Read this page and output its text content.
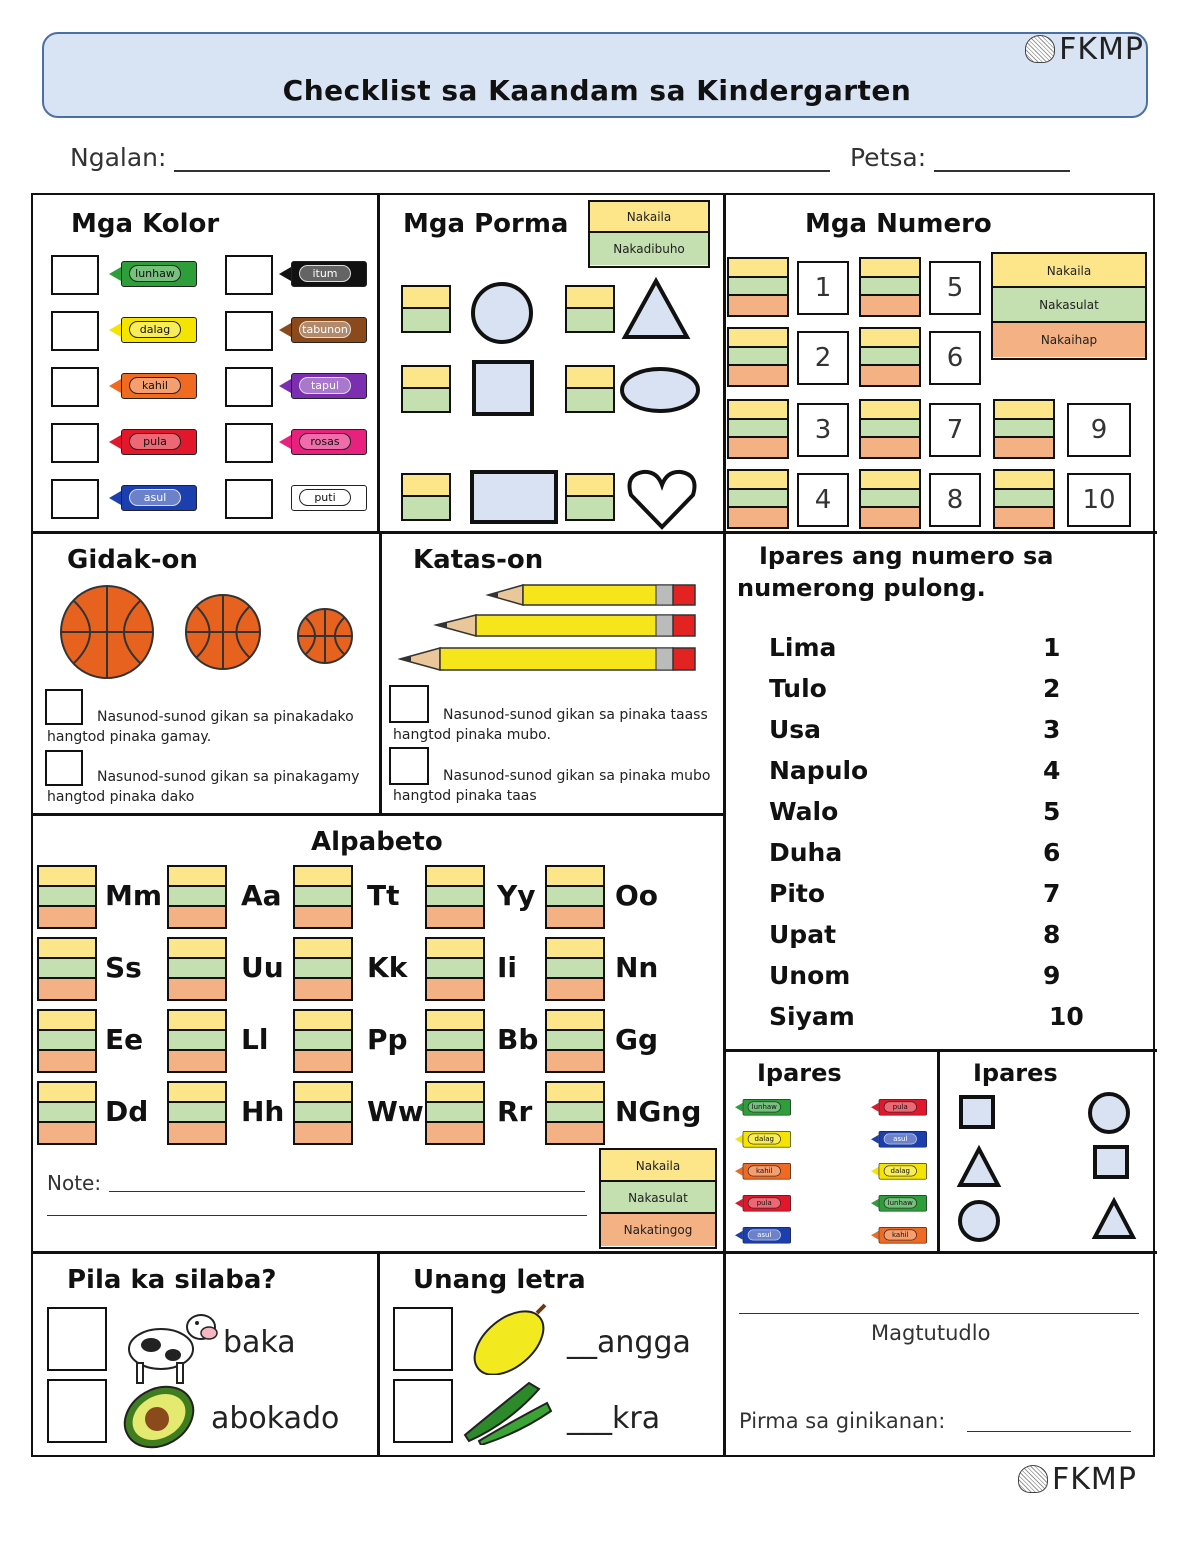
Checklist sa Kaandam sa Kindergarten
FKMP
Ngalan:	Petsa:
Mga Kolor
lunhaw
dalag
kahil
pula
asul
itum
tabunon
tapul
rosas
puti
Mga Porma	Nakaila
Nakadibuho
Mga Numero
Nakaila
Nakasulat
Nakaihap
1
2
3
4
5
6
7
8
9
10
Gidak-on
Nasunod-sunod gikan sa pinakadako hangtod pinaka gamay.
Nasunod-sunod gikan sa pinakagamy hangtod pinaka dako
Katas-on
Nasunod-sunod gikan sa pinaka taass hangtod pinaka mubo.
Nasunod-sunod gikan sa pinaka mubo hangtod pinaka taas
Ipares ang numero sa
numerong pulong.
Lima	1
Tulo	2
Usa	3
Napulo	4
Walo	5
Duha	6
Pito	7
Upat	8
Unom	9
Siyam	10
Alpabeto
Mm	Aa	Tt	Yy	Oo
Ss	Uu	Kk	Ii	Nn
Ee	Ll	Pp	Bb	Gg
Dd	Hh	Ww	Rr	NGng
Note:
Nakaila
Nakasulat
Nakatingog
Ipares
lunhaw
dalag
kahil
pula
asul
pula
asul
dalag
lunhaw
kahil
Ipares
Pila ka silaba?
baka
abokado
Unang letra
__angga
___kra
Magtutudlo
Pirma sa ginikanan:
FKMP
